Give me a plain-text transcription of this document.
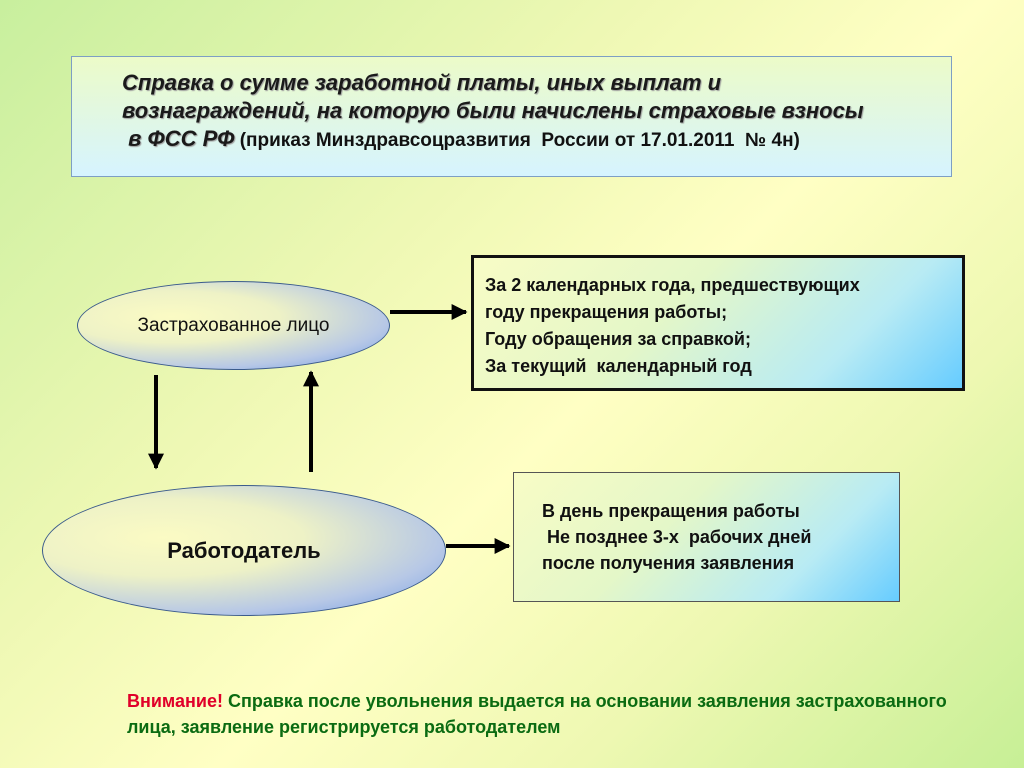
Справка о сумме заработной платы, иных выплат и
вознаграждений, на которую были начислены страховые взносы
в ФСС РФ (приказ Минздравсоцразвития  России от 17.01.2011  № 4н)
Застрахованное лицо
Работодатель
За 2 календарных года, предшествующих
году прекращения работы;
Году обращения за справкой;
За текущий  календарный год
В день прекращения работы
Не позднее 3-х  рабочих дней
после получения заявления
Внимание! Справка после увольнения выдается на основании заявления застрахованного лица, заявление регистрируется работодателем
